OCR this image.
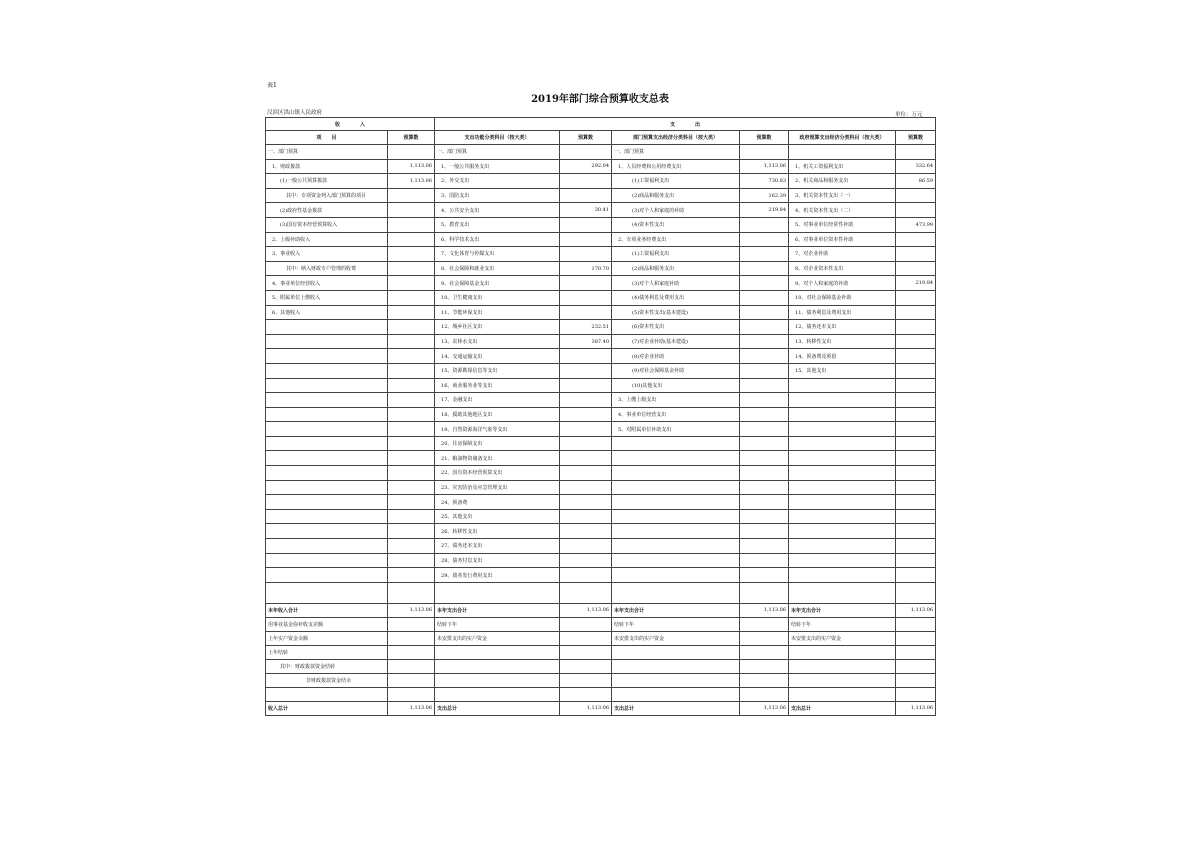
表1
2019年部门综合预算收支总表
汉滨区洪山镇人民政府	单位：万元
收　　　　入		支　　　　出					
项　　目	预算数	支出功能分类科目（按大类）	预算数	部门预算支出经济分类科目（按大类）	预算数	政府预算支出经济分类科目（按大类）	预算数
一、部门预算		一、部门预算		一、部门预算			
1、财政拨款	1,113.06	1、一般公共服务支出	292.04	1、人员经费和公用经费支出	1,113.06	1、机关工资福利支出	332.64
(1)一般公共预算拨款	1,113.06	2、外交支出		(1)工资福利支出	730.83	2、机关商品和服务支出	86.59
其中：专项资金列入部门预算的项目		3、国防支出		(2)商品和服务支出	162.39	3、机关资本性支出（一）	
(2)政府性基金拨款		4、公共安全支出	30.41	(3)对个人和家庭的补助	219.84	4、机关资本性支出（二）	
(3)国有资本经营预算收入		5、教育支出		(4)资本性支出		5、对事业单位经常性补助	473.99
2、上级补助收入		6、科学技术支出		2、专项业务经费支出		6、对事业单位资本性补助	
3、事业收入		7、文化体育与传媒支出		(1)工资福利支出		7、对企业补助	
其中：纳入财政专户管理的收费		8、社会保障和就业支出	170.70	(2)商品和服务支出		8、对企业资本性支出	
4、事业单位经营收入		9、社会保障基金支出		(3)对个人和家庭补助		9、对个人和家庭的补助	219.84
5、附属单位上缴收入		10、卫生健康支出		(4)债务利息及费用支出		10、对社会保障基金补助	
6、其他收入		11、节能环保支出		(5)资本性支出(基本建设)		11、债务利息及费用支出	
		12、城乡社区支出	232.51	(6)资本性支出		12、债务还本支出	
		13、农林水支出	387.40	(7)对企业补助(基本建设)		13、转移性支出	
		14、交通运输支出		(8)对企业补助		14、预备费及预留	
		15、资源勘探信息等支出		(9)对社会保障基金补助		15、其他支出	
		16、商业服务业等支出		(10)其他支出			
		17、金融支出		3、上缴上级支出			
		18、援助其他地区支出		4、事业单位经营支出			
		19、自然资源海洋气象等支出		5、对附属单位补助支出			
		20、住房保障支出					
		21、粮油物资储备支出					
		22、国有资本经营预算支出					
		23、灾害防治及应急管理支出					
		24、预备费					
		25、其他支出					
		26、转移性支出					
		27、债务还本支出					
		28、债务付息支出					
		29、债务发行费用支出					

本年收入合计	1,113.06	本年支出合计	1,113.06	本年支出合计	1,113.06	本年支出合计	1,113.06
用事业基金弥补收支差额		结转下年		结转下年		结转下年	
上年实户资金余额		未安排支出的实户资金		未安排支出的实户资金		未安排支出的实户资金	
上年结转							
其中：财政拨款资金结转							
非财政拨款资金结余							

收入总计	1,113.06	支出总计	1,113.06	支出总计	1,113.06	支出总计	1,113.06
